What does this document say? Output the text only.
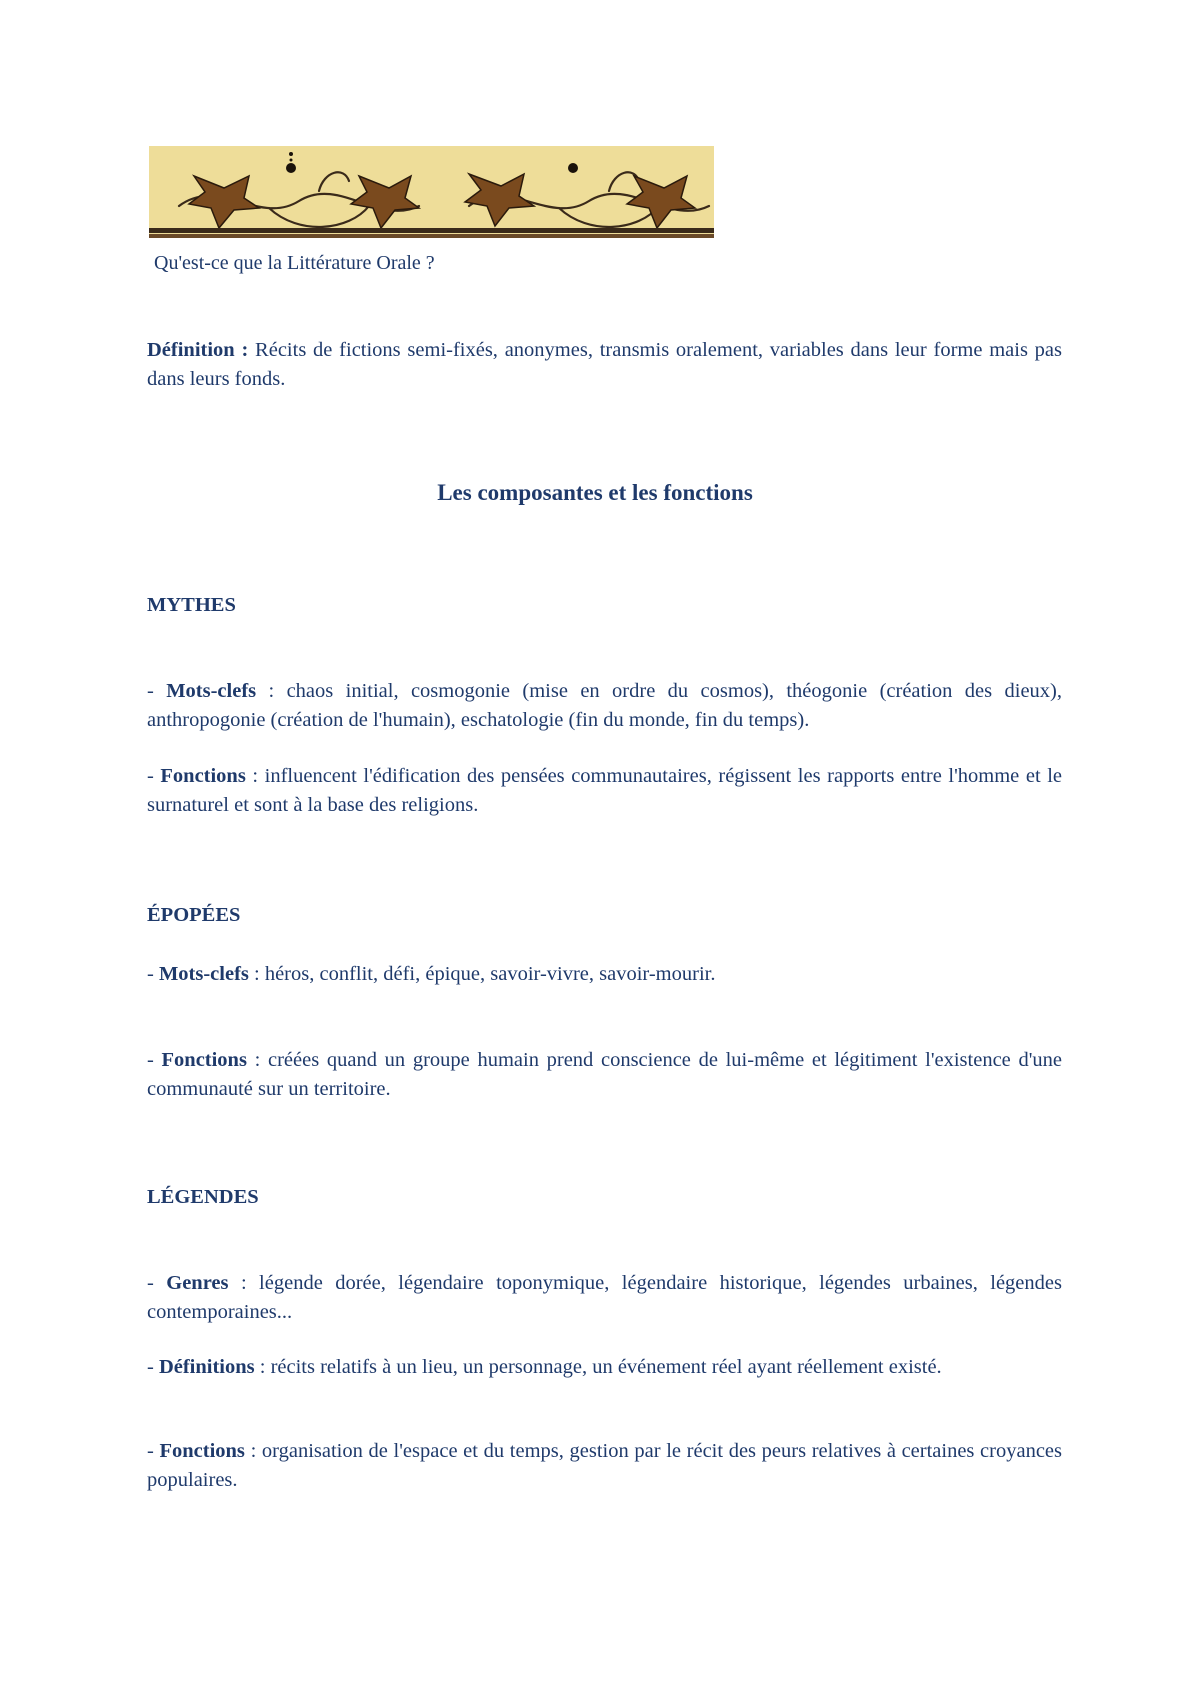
Qu'est-ce que la Littérature Orale ?
Définition : Récits de fictions semi-fixés, anonymes, transmis oralement, variables dans leur forme mais pas dans leurs fonds.
Les composantes et les fonctions
MYTHES
- Mots-clefs : chaos initial, cosmogonie (mise en ordre du cosmos), théogonie (création des dieux), anthropogonie (création de l'humain), eschatologie (fin du monde, fin du temps).
- Fonctions : influencent l'édification des pensées communautaires, régissent les rapports entre l'homme et le surnaturel et sont à la base des religions.
ÉPOPÉES
- Mots-clefs : héros, conflit, défi, épique, savoir-vivre, savoir-mourir.
- Fonctions : créées quand un groupe humain prend conscience de lui-même et légitiment l'existence d'une communauté sur un territoire.
LÉGENDES
- Genres : légende dorée, légendaire toponymique, légendaire historique, légendes urbaines, légendes contemporaines...
- Définitions : récits relatifs à un lieu, un personnage, un événement réel ayant réellement existé.
- Fonctions : organisation de l'espace et du temps, gestion par le récit des peurs relatives à certaines croyances populaires.
